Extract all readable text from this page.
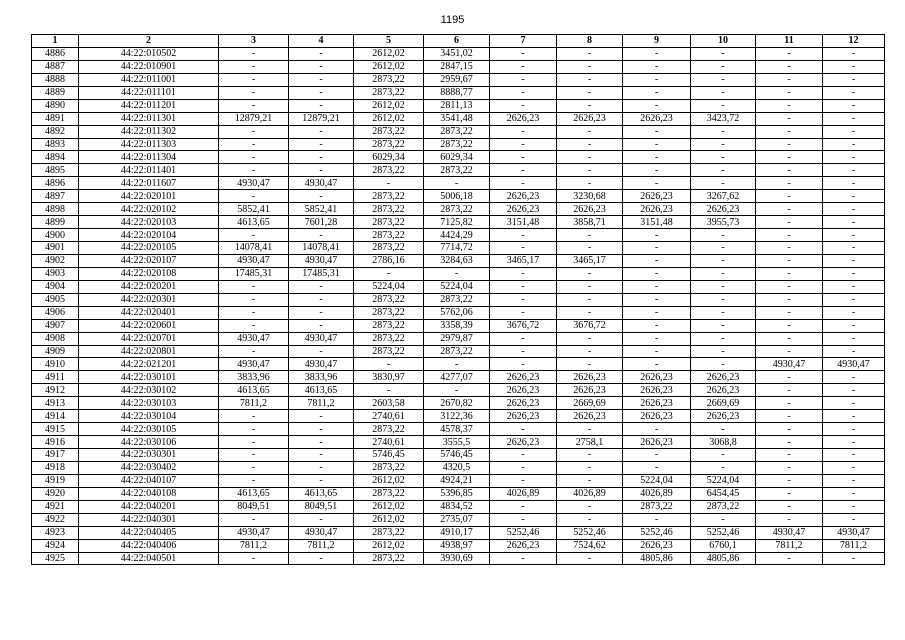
1195
1	2	3	4	5	6	7	8	9	10	11	12
4886	44:22:010502	-	-	2612,02	3451,02	-	-	-	-	-	-
4887	44:22:010901	-	-	2612,02	2847,15	-	-	-	-	-	-
4888	44:22:011001	-	-	2873,22	2959,67	-	-	-	-	-	-
4889	44:22:011101	-	-	2873,22	8888,77	-	-	-	-	-	-
4890	44:22:011201	-	-	2612,02	2811,13	-	-	-	-	-	-
4891	44:22:011301	12879,21	12879,21	2612,02	3541,48	2626,23	2626,23	2626,23	3423,72	-	-
4892	44:22:011302	-	-	2873,22	2873,22	-	-	-	-	-	-
4893	44:22:011303	-	-	2873,22	2873,22	-	-	-	-	-	-
4894	44:22:011304	-	-	6029,34	6029,34	-	-	-	-	-	-
4895	44:22:011401	-	-	2873,22	2873,22	-	-	-	-	-	-
4896	44:22:011607	4930,47	4930,47	-	-	-	-	-	-	-	-
4897	44:22:020101	-	-	2873,22	5006,18	2626,23	3230,68	2626,23	3267,62	-	-
4898	44:22:020102	5852,41	5852,41	2873,22	2873,22	2626,23	2626,23	2626,23	2626,23	-	-
4899	44:22:020103	4613,65	7601,28	2873,22	7125,82	3151,48	3858,71	3151,48	3955,73	-	-
4900	44:22:020104	-	-	2873,22	4424,29	-	-	-	-	-	-
4901	44:22:020105	14078,41	14078,41	2873,22	7714,72	-	-	-	-	-	-
4902	44:22:020107	4930,47	4930,47	2786,16	3284,63	3465,17	3465,17	-	-	-	-
4903	44:22:020108	17485,31	17485,31	-	-	-	-	-	-	-	-
4904	44:22:020201	-	-	5224,04	5224,04	-	-	-	-	-	-
4905	44:22:020301	-	-	2873,22	2873,22	-	-	-	-	-	-
4906	44:22:020401	-	-	2873,22	5762,06	-	-	-	-	-	-
4907	44:22:020601	-	-	2873,22	3358,39	3676,72	3676,72	-	-	-	-
4908	44:22:020701	4930,47	4930,47	2873,22	2979,87	-	-	-	-	-	-
4909	44:22:020801	-	-	2873,22	2873,22	-	-	-	-	-	-
4910	44:22:021201	4930,47	4930,47	-	-	-	-	-	-	4930,47	4930,47
4911	44:22:030101	3833,96	3833,96	3830,97	4277,07	2626,23	2626,23	2626,23	2626,23	-	-
4912	44:22:030102	4613,65	4613,65	-	-	2626,23	2626,23	2626,23	2626,23	-	-
4913	44:22:030103	7811,2	7811,2	2603,58	2670,82	2626,23	2669,69	2626,23	2669,69	-	-
4914	44:22:030104	-	-	2740,61	3122,36	2626,23	2626,23	2626,23	2626,23	-	-
4915	44:22:030105	-	-	2873,22	4578,37	-	-	-	-	-	-
4916	44:22:030106	-	-	2740,61	3555,5	2626,23	2758,1	2626,23	3068,8	-	-
4917	44:22:030301	-	-	5746,45	5746,45	-	-	-	-	-	-
4918	44:22:030402	-	-	2873,22	4320,5	-	-	-	-	-	-
4919	44:22:040107	-	-	2612,02	4924,21	-	-	5224,04	5224,04	-	-
4920	44:22:040108	4613,65	4613,65	2873,22	5396,85	4026,89	4026,89	4026,89	6454,45	-	-
4921	44:22:040201	8049,51	8049,51	2612,02	4834,52	-	-	2873,22	2873,22	-	-
4922	44:22:040301	-	-	2612,02	2735,07	-	-	-	-	-	-
4923	44:22:040405	4930,47	4930,47	2873,22	4910,17	5252,46	5252,46	5252,46	5252,46	4930,47	4930,47
4924	44:22:040406	7811,2	7811,2	2612,02	4938,97	2626,23	7524,62	2626,23	6760,1	7811,2	7811,2
4925	44:22:040501	-	-	2873,22	3930,69	-	-	4805,86	4805,86	-	-
